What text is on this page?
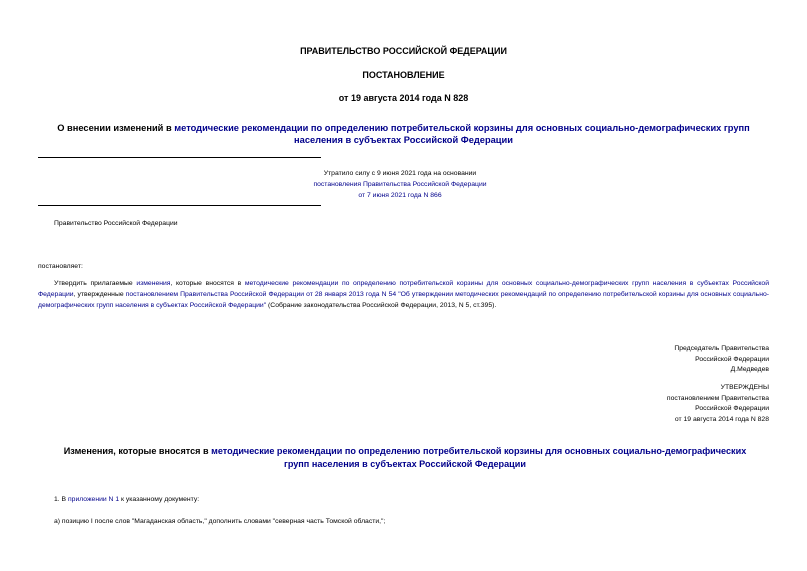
ПРАВИТЕЛЬСТВО РОССИЙСКОЙ ФЕДЕРАЦИИ
ПОСТАНОВЛЕНИЕ
от 19 августа 2014 года N 828
О внесении изменений в методические рекомендации по определению потребительской корзины для основных социально-демографических групп населения в субъектах Российской Федерации
Утратило силу с 9 июня 2021 года на основании
постановления Правительства Российской Федерации
от 7 июня 2021 года N 866
Правительство Российской Федерации
постановляет:
Утвердить прилагаемые изменения, которые вносятся в методические рекомендации по определению потребительской корзины для основных социально-демографических групп населения в субъектах Российской Федерации, утвержденные постановлением Правительства Российской Федерации от 28 января 2013 года N 54 "Об утверждении методических рекомендаций по определению потребительской корзины для основных социально-демографических групп населения в субъектах Российской Федерации" (Собрание законодательства Российской Федерации, 2013, N 5, ст.395).
Председатель Правительства
Российской Федерации
Д.Медведев
УТВЕРЖДЕНЫ
постановлением Правительства
Российской Федерации
от 19 августа 2014 года N 828
Изменения, которые вносятся в методические рекомендации по определению потребительской корзины для основных социально-демографических групп населения в субъектах Российской Федерации
1. В приложении N 1 к указанному документу:
а) позицию I после слов "Магаданская область," дополнить словами "северная часть Томской области,";
